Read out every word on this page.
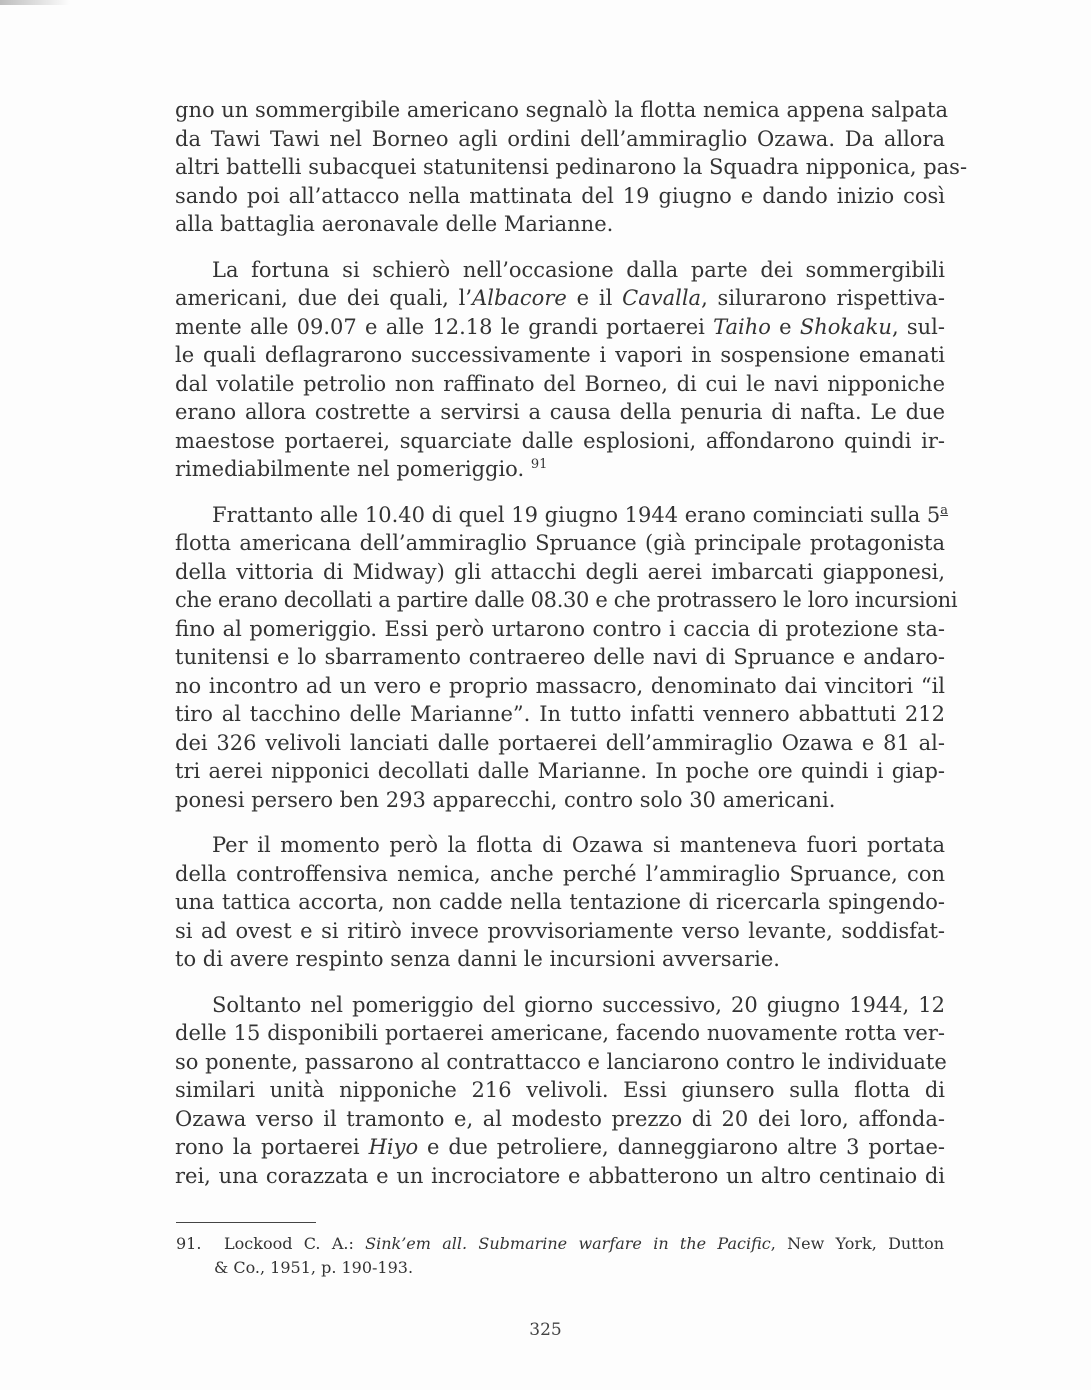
gno un sommergibile americano segnalò la flotta nemica appena salpata
da Tawi Tawi nel Borneo agli ordini dell’ammiraglio Ozawa. Da allora
altri battelli subacquei statunitensi pedinarono la Squadra nipponica, pas-
sando poi all’attacco nella mattinata del 19 giugno e dando inizio così
alla battaglia aeronavale delle Marianne.
La fortuna si schierò nell’occasione dalla parte dei sommergibili
americani, due dei quali, l’Albacore e il Cavalla, silurarono rispettiva-
mente alle 09.07 e alle 12.18 le grandi portaerei Taiho e Shokaku, sul-
le quali deflagrarono successivamente i vapori in sospensione emanati
dal volatile petrolio non raffinato del Borneo, di cui le navi nipponiche
erano allora costrette a servirsi a causa della penuria di nafta. Le due
maestose portaerei, squarciate dalle esplosioni, affondarono quindi ir-
rimediabilmente nel pomeriggio. $^{91}$
Frattanto alle 10.40 di quel 19 giugno 1944 erano cominciati sulla 5$^a$
flotta americana dell’ammiraglio Spruance (già principale protagonista
della vittoria di Midway) gli attacchi degli aerei imbarcati giapponesi,
che erano decollati a partire dalle 08.30 e che protrassero le loro incursioni
fino al pomeriggio. Essi però urtarono contro i caccia di protezione sta-
tunitensi e lo sbarramento contraereo delle navi di Spruance e andaro-
no incontro ad un vero e proprio massacro, denominato dai vincitori “il
tiro al tacchino delle Marianne”. In tutto infatti vennero abbattuti 212
dei 326 velivoli lanciati dalle portaerei dell’ammiraglio Ozawa e 81 al-
tri aerei nipponici decollati dalle Marianne. In poche ore quindi i giap-
ponesi persero ben 293 apparecchi, contro solo 30 americani.
Per il momento però la flotta di Ozawa si manteneva fuori portata
della controffensiva nemica, anche perché l’ammiraglio Spruance, con
una tattica accorta, non cadde nella tentazione di ricercarla spingendo-
si ad ovest e si ritirò invece provvisoriamente verso levante, soddisfat-
to di avere respinto senza danni le incursioni avversarie.
Soltanto nel pomeriggio del giorno successivo, 20 giugno 1944, 12
delle 15 disponibili portaerei americane, facendo nuovamente rotta ver-
so ponente, passarono al contrattacco e lanciarono contro le individuate
similari unità nipponiche 216 velivoli. Essi giunsero sulla flotta di
Ozawa verso il tramonto e, al modesto prezzo di 20 dei loro, affonda-
rono la portaerei Hiyo e due petroliere, danneggiarono altre 3 portae-
rei, una corazzata e un incrociatore e abbatterono un altro centinaio di
91. Lockood C. A.: Sink’em all. Submarine warfare in the Pacific, New York, Dutton
& Co., 1951, p. 190-193.
325
